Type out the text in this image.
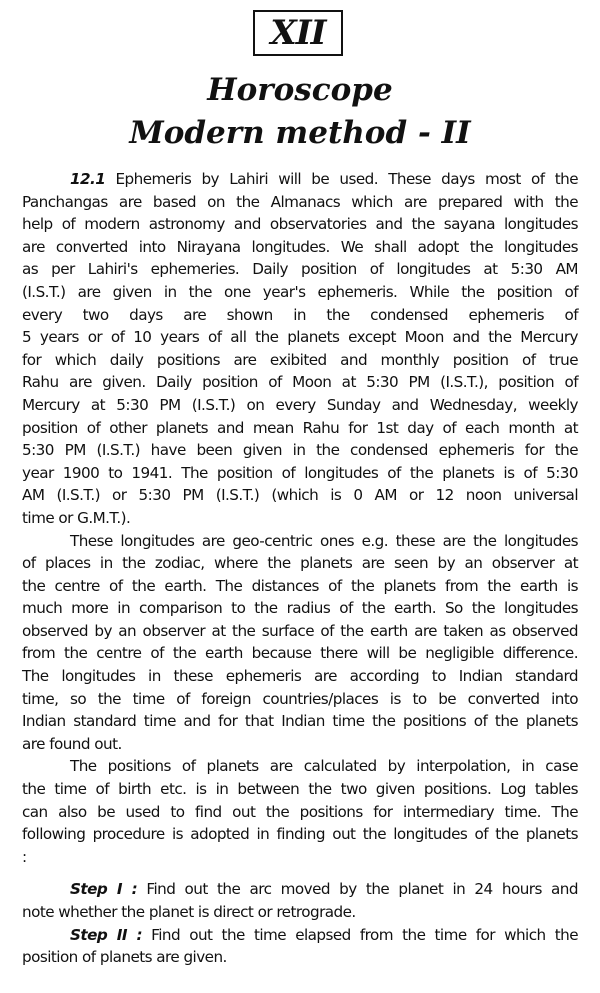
XII
Horoscope
Modern method - II
12.1 Ephemeris by Lahiri will be used. These days most of the
Panchangas are based on the Almanacs which are prepared with the
help of modern astronomy and observatories and the sayana longitudes
are converted into Nirayana longitudes. We shall adopt the longitudes
as per Lahiri's ephemeries. Daily position of longitudes at 5:30 AM
(I.S.T.) are given in the one year's ephemeris. While the position of
every two days are shown in the condensed ephemeris of
5 years or of 10 years of all the planets except Moon and the Mercury
for which daily positions are exibited and monthly position of true
Rahu are given. Daily position of Moon at 5:30 PM (I.S.T.), position of
Mercury at 5:30 PM (I.S.T.) on every Sunday and Wednesday, weekly
position of other planets and mean Rahu for 1st day of each month at
5:30 PM (I.S.T.) have been given in the condensed ephemeris for the
year 1900 to 1941. The position of longitudes of the planets is of 5:30
AM (I.S.T.) or 5:30 PM (I.S.T.) (which is 0 AM or 12 noon universal
time or G.M.T.).
These longitudes are geo-centric ones e.g. these are the longitudes
of places in the zodiac, where the planets are seen by an observer at
the centre of the earth. The distances of the planets from the earth is
much more in comparison to the radius of the earth. So the longitudes
observed by an observer at the surface of the earth are taken as observed
from the centre of the earth because there will be negligible difference.
The longitudes in these ephemeris are according to Indian standard
time, so the time of foreign countries/places is to be converted into
Indian standard time and for that Indian time the positions of the planets
are found out.
The positions of planets are calculated by interpolation, in case
the time of birth etc. is in between the two given positions. Log tables
can also be used to find out the positions for intermediary time. The
following procedure is adopted in finding out the longitudes of the planets
:
Step I : Find out the arc moved by the planet in 24 hours and
note whether the planet is direct or retrograde.
Step II : Find out the time elapsed from the time for which the
position of planets are given.
